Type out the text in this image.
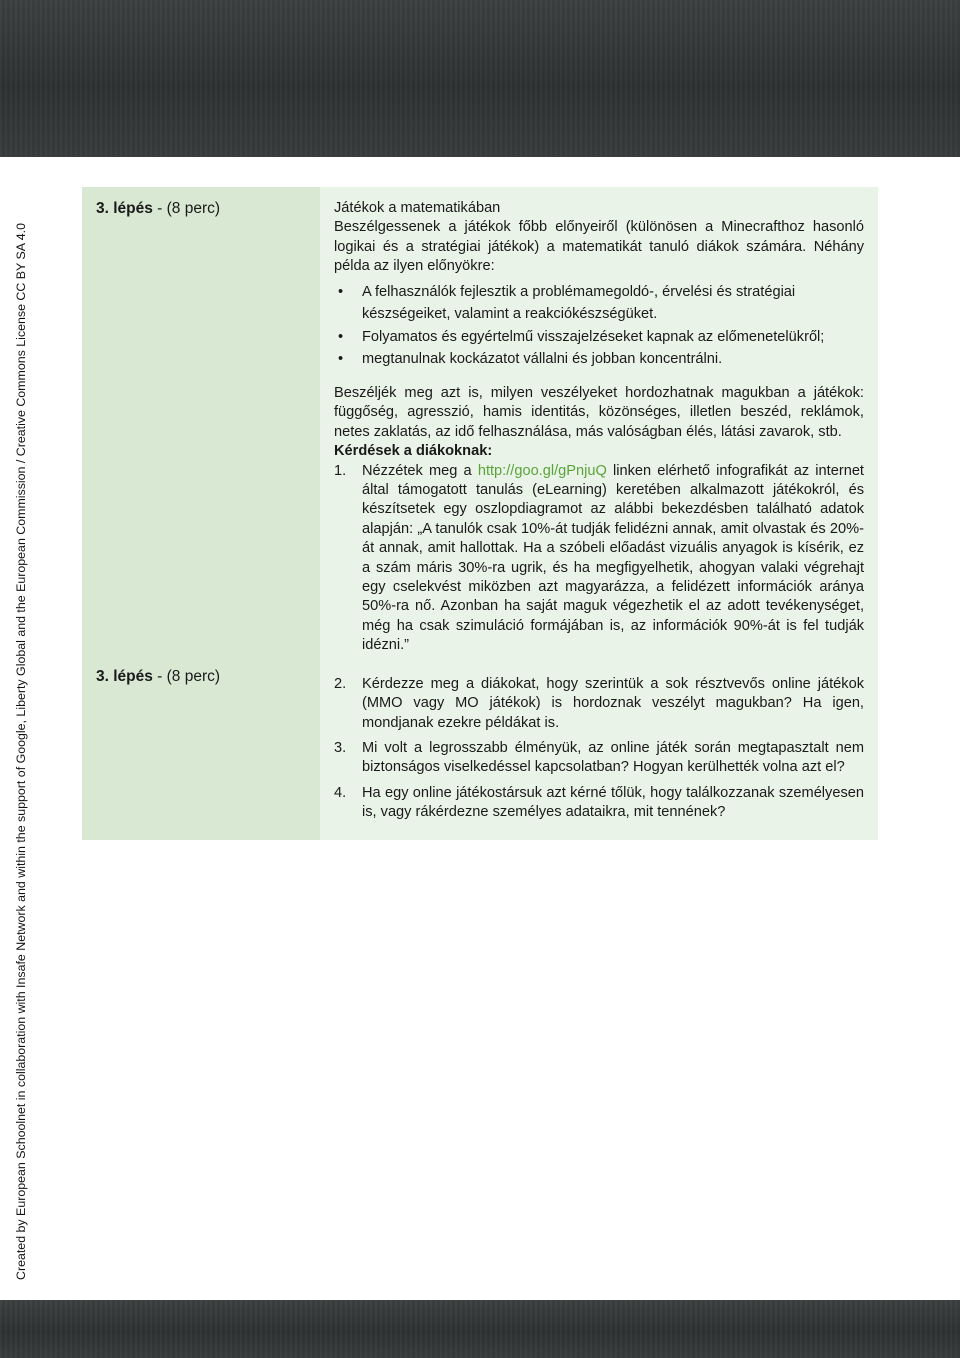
Created by European Schoolnet in collaboration with Insafe Network and within the support of Google, Liberty Global and the European Commission / Creative Commons License CC BY SA 4.0
3. lépés - (8 perc)
3. lépés - (8 perc)

Játékok a matematikában

Beszélgessenek a játékok főbb előnyeiről (különösen a Minecrafthoz hasonló logikai és a stratégiai játékok) a matematikát tanuló diákok számára. Néhány példa az ilyen előnyökre:

• A felhasználók fejlesztik a problémamegoldó-, érvelési és stratégiai
készségeiket, valamint a reakciókészségüket.
• Folyamatos és egyértelmű visszajelzéseket kapnak az előmenetelükről;
• megtanulnak kockázatot vállalni és jobban koncentrálni.

Beszéljék meg azt is, milyen veszélyeket hordozhatnak magukban a játékok: függőség, agresszió, hamis identitás, közönséges, illetlen beszéd, reklámok, netes zaklatás, az idő felhasználása, más valóságban élés, látási zavarok, stb.

Kérdések a diákoknak:

1. Nézzétek meg a http://goo.gl/gPnjuQ linken elérhető infografikát az internet által támogatott tanulás (eLearning) keretében alkalmazott játékokról, és készítsetek egy oszlopdiagramot az alábbi bekezdésben található adatok alapján: „A tanulók csak 10%-át tudják felidézni annak, amit olvastak és 20%-át annak, amit hallottak. Ha a szóbeli előadást vizuális anyagok is kísérik, ez a szám máris 30%-ra ugrik, és ha megfigyelhetik, ahogyan valaki végrehajt egy cselekvést miközben azt magyarázza, a felidézett információk aránya 50%-ra nő. Azonban ha saját maguk végezhetik el az adott tevékenységet, még ha csak szimuláció formájában is, az információk 90%-át is fel tudják idézni.”
2. Kérdezze meg a diákokat, hogy szerintük a sok résztvevős online játékok (MMO vagy MO játékok) is hordoznak veszélyt magukban? Ha igen, mondjanak ezekre példákat is.
3. Mi volt a legrosszabb élményük, az online játék során megtapasztalt nem biztonságos viselkedéssel kapcsolatban? Hogyan kerülhették volna azt el?
4. Ha egy online játékostársuk azt kérné tőlük, hogy találkozzanak személyesen is, vagy rákérdezne személyes adataikra, mit tennének?
